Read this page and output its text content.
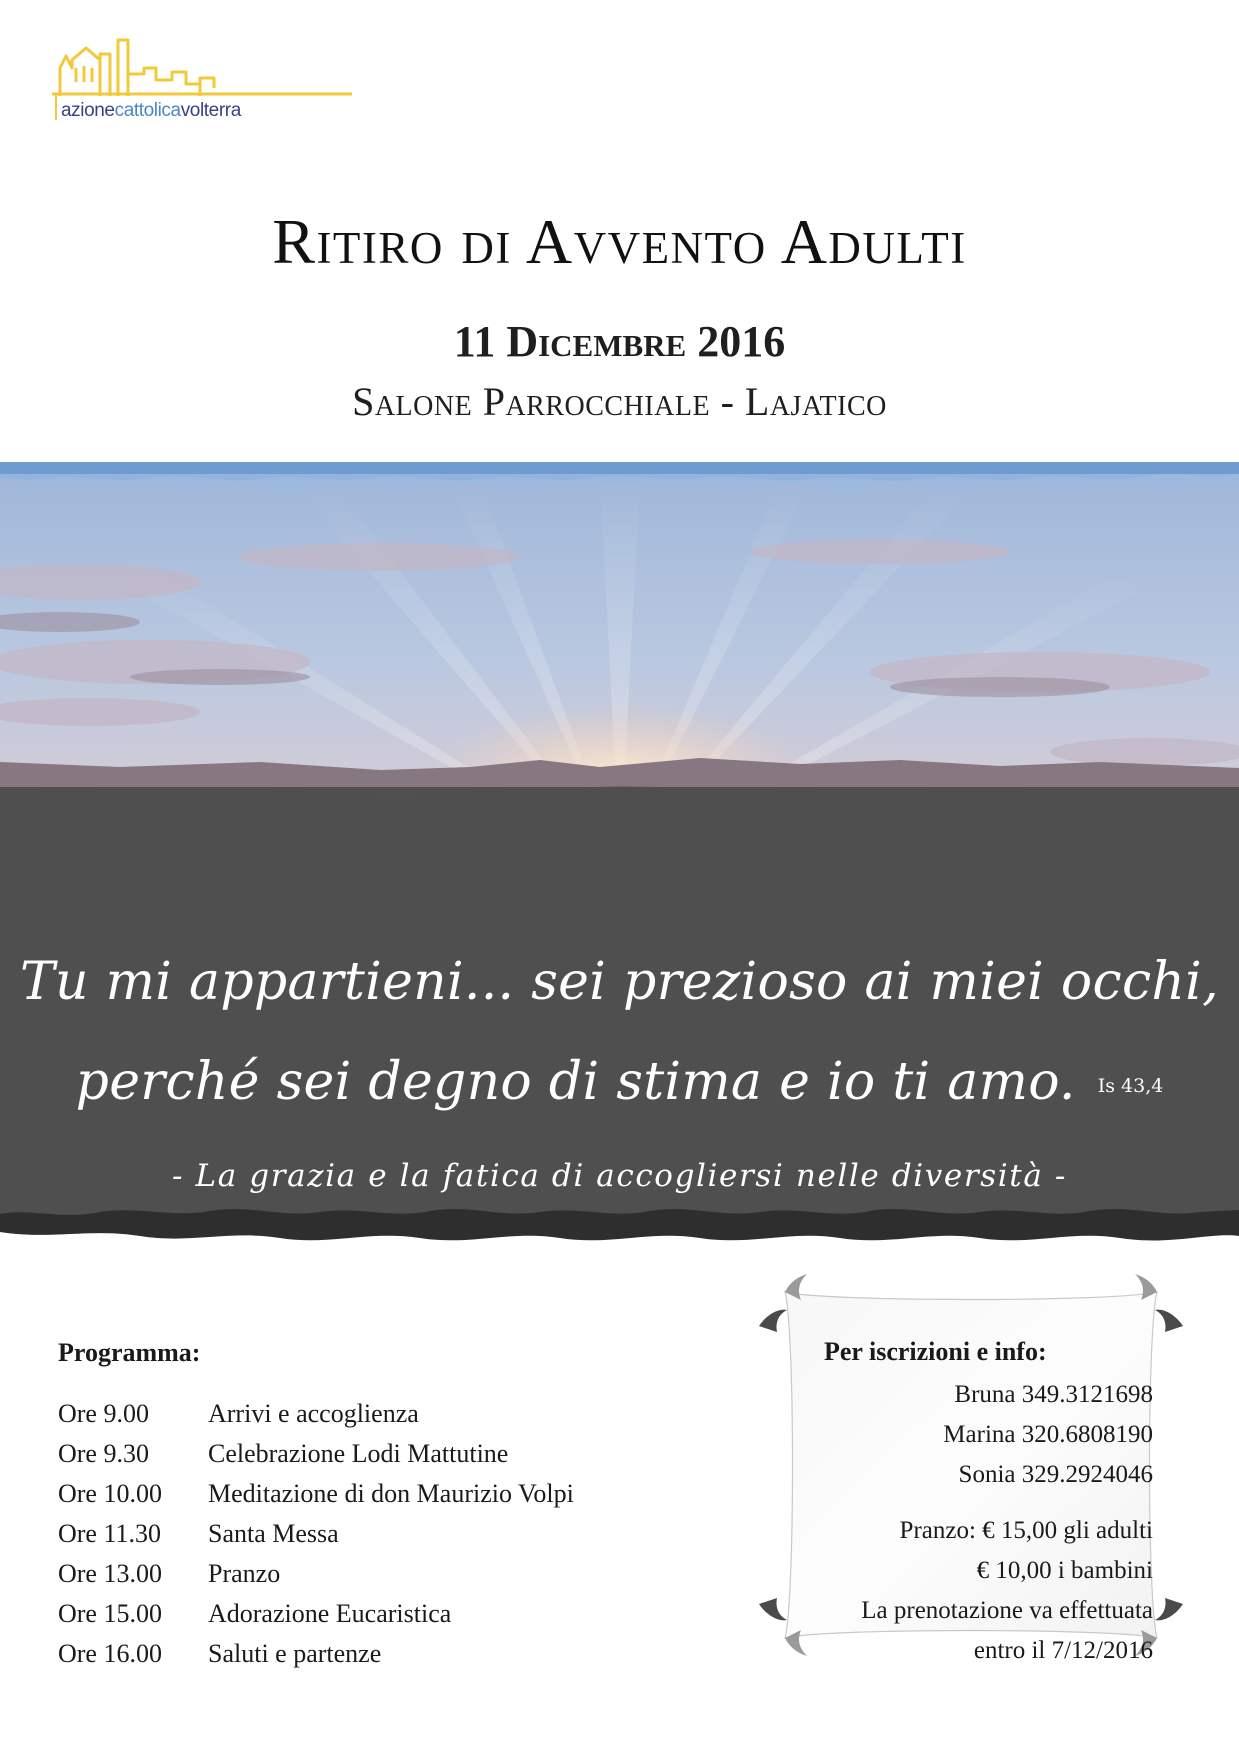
azionecattolicavolterra
Ritiro di Avvento Adulti
11 Dicembre 2016
Salone Parrocchiale - Lajatico
Tu mi appartieni... sei prezioso ai miei occhi,
perché sei degno di stima e io ti amo. Is 43,4
- La grazia e la fatica di accogliersi nelle diversità -
Programma:
Ore 9.00	Arrivi e accoglienza
Ore 9.30	Celebrazione Lodi Mattutine
Ore 10.00	Meditazione di don Maurizio Volpi
Ore 11.30	Santa Messa
Ore 13.00	Pranzo
Ore 15.00	Adorazione Eucaristica
Ore 16.00	Saluti e partenze
Per iscrizioni e info:
Bruna 349.3121698
Marina 320.6808190
Sonia 329.2924046
Pranzo: € 15,00 gli adulti
€ 10,00 i bambini
La prenotazione va effettuata
entro il 7/12/2016
